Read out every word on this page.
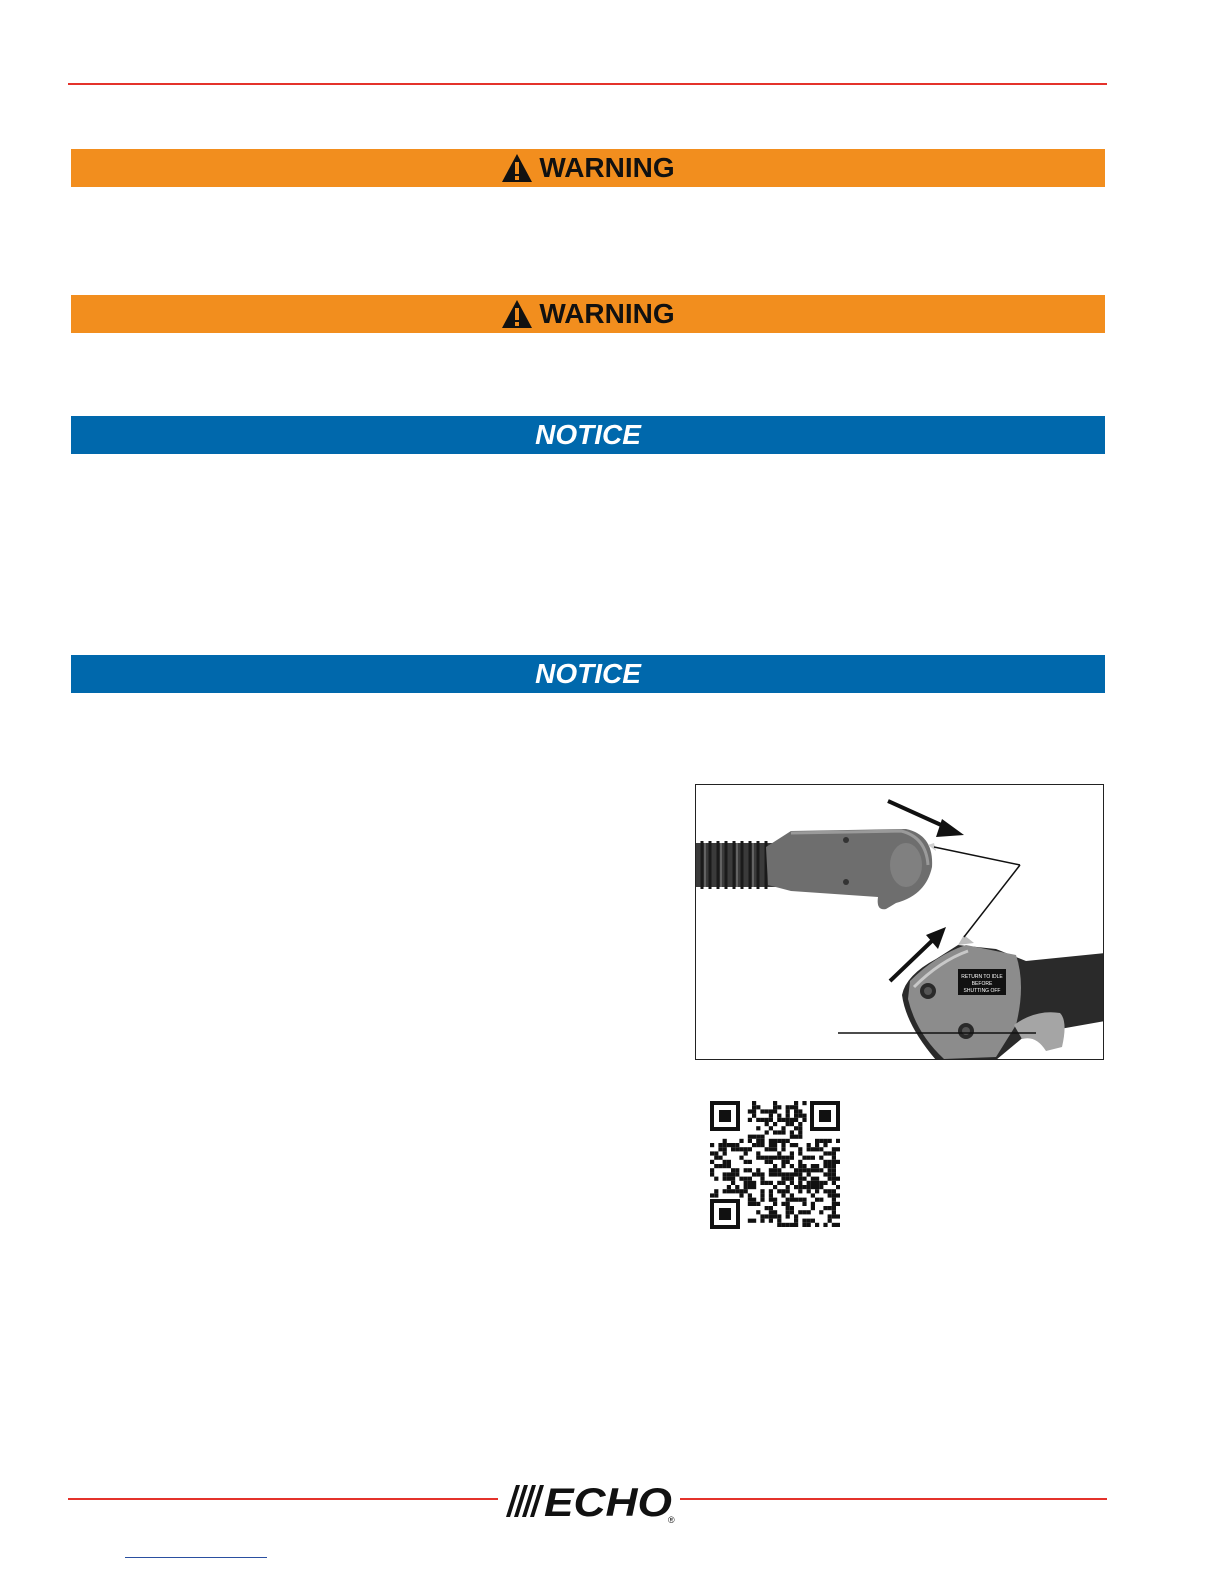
WARNING
WARNING
NOTICE
NOTICE
RETURN TO IDLE
BEFORE
SHUTTING OFF
ECHO
®
